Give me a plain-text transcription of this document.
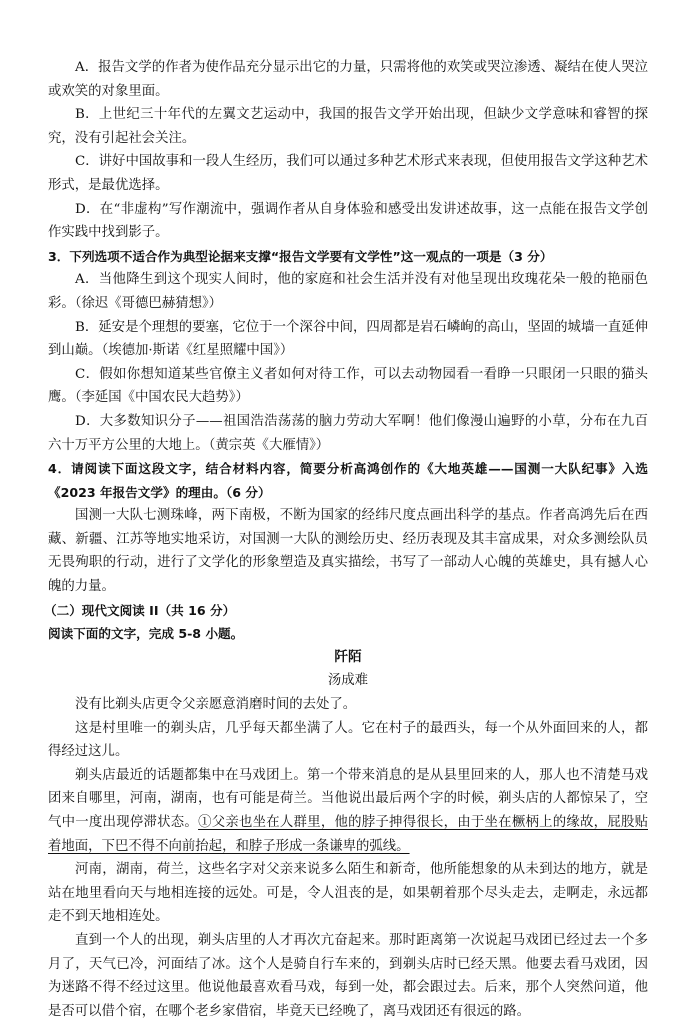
A．报告文学的作者为使作品充分显示出它的力量，只需将他的欢笑或哭泣渗透、凝结在使人哭泣或欢笑的对象里面。

B．上世纪三十年代的左翼文艺运动中，我国的报告文学开始出现，但缺少文学意味和睿智的探究，没有引起社会关注。

C．讲好中国故事和一段人生经历，我们可以通过多种艺术形式来表现，但使用报告文学这种艺术形式，是最优选择。

D．在“非虚构”写作潮流中，强调作者从自身体验和感受出发讲述故事，这一点能在报告文学创作实践中找到影子。

3．下列选项不适合作为典型论据来支撑“报告文学要有文学性”这一观点的一项是（3 分）

A．当他降生到这个现实人间时，他的家庭和社会生活并没有对他呈现出玫瑰花朵一般的艳丽色彩。（徐迟《哥德巴赫猜想》）

B．延安是个理想的要塞，它位于一个深谷中间，四周都是岩石嶙峋的高山，坚固的城墙一直延伸到山巅。（埃德加·斯诺《红星照耀中国》）

C．假如你想知道某些官僚主义者如何对待工作，可以去动物园看一看睁一只眼闭一只眼的猫头鹰。（李延国《中国农民大趋势》）

D．大多数知识分子——祖国浩浩荡荡的脑力劳动大军啊！他们像漫山遍野的小草，分布在九百六十万平方公里的大地上。（黄宗英《大雁情》）

4．请阅读下面这段文字，结合材料内容，简要分析高鸿创作的《大地英雄——国测一大队纪事》入选《2023 年报告文学》的理由。（6 分）

国测一大队七测珠峰，两下南极，不断为国家的经纬尺度点画出科学的基点。作者高鸿先后在西藏、新疆、江苏等地实地采访，对国测一大队的测绘历史、经历表现及其丰富成果，对众多测绘队员无畏殉职的行动，进行了文学化的形象塑造及真实描绘，书写了一部动人心魄的英雄史，具有撼人心魄的力量。

（二）现代文阅读 II（共 16 分）

阅读下面的文字，完成 5-8 小题。

阡陌

汤成难

没有比剃头店更令父亲愿意消磨时间的去处了。

这是村里唯一的剃头店，几乎每天都坐满了人。它在村子的最西头，每一个从外面回来的人，都得经过这儿。

剃头店最近的话题都集中在马戏团上。第一个带来消息的是从县里回来的人，那人也不清楚马戏团来自哪里，河南，湖南，也有可能是荷兰。当他说出最后两个字的时候，剃头店的人都惊呆了，空气中一度出现停滞状态。①父亲也坐在人群里，他的脖子抻得很长，由于坐在橛柄上的缘故，屁股贴着地面，下巴不得不向前抬起，和脖子形成一条谦卑的弧线。

河南，湖南，荷兰，这些名字对父亲来说多么陌生和新奇，他所能想象的从未到达的地方，就是站在地里看向天与地相连接的远处。可是，令人沮丧的是，如果朝着那个尽头走去，走啊走，永远都走不到天地相连处。

直到一个人的出现，剃头店里的人才再次亢奋起来。那时距离第一次说起马戏团已经过去一个多月了，天气已冷，河面结了冰。这个人是骑自行车来的，到剃头店时已经天黑。他要去看马戏团，因为迷路不得不经过这里。他说他最喜欢看马戏，每到一处，都会跟过去。后来，那个人突然问道，他是否可以借个宿，在哪个老乡家借宿，毕竟天已经晚了，离马戏团还有很远的路。
